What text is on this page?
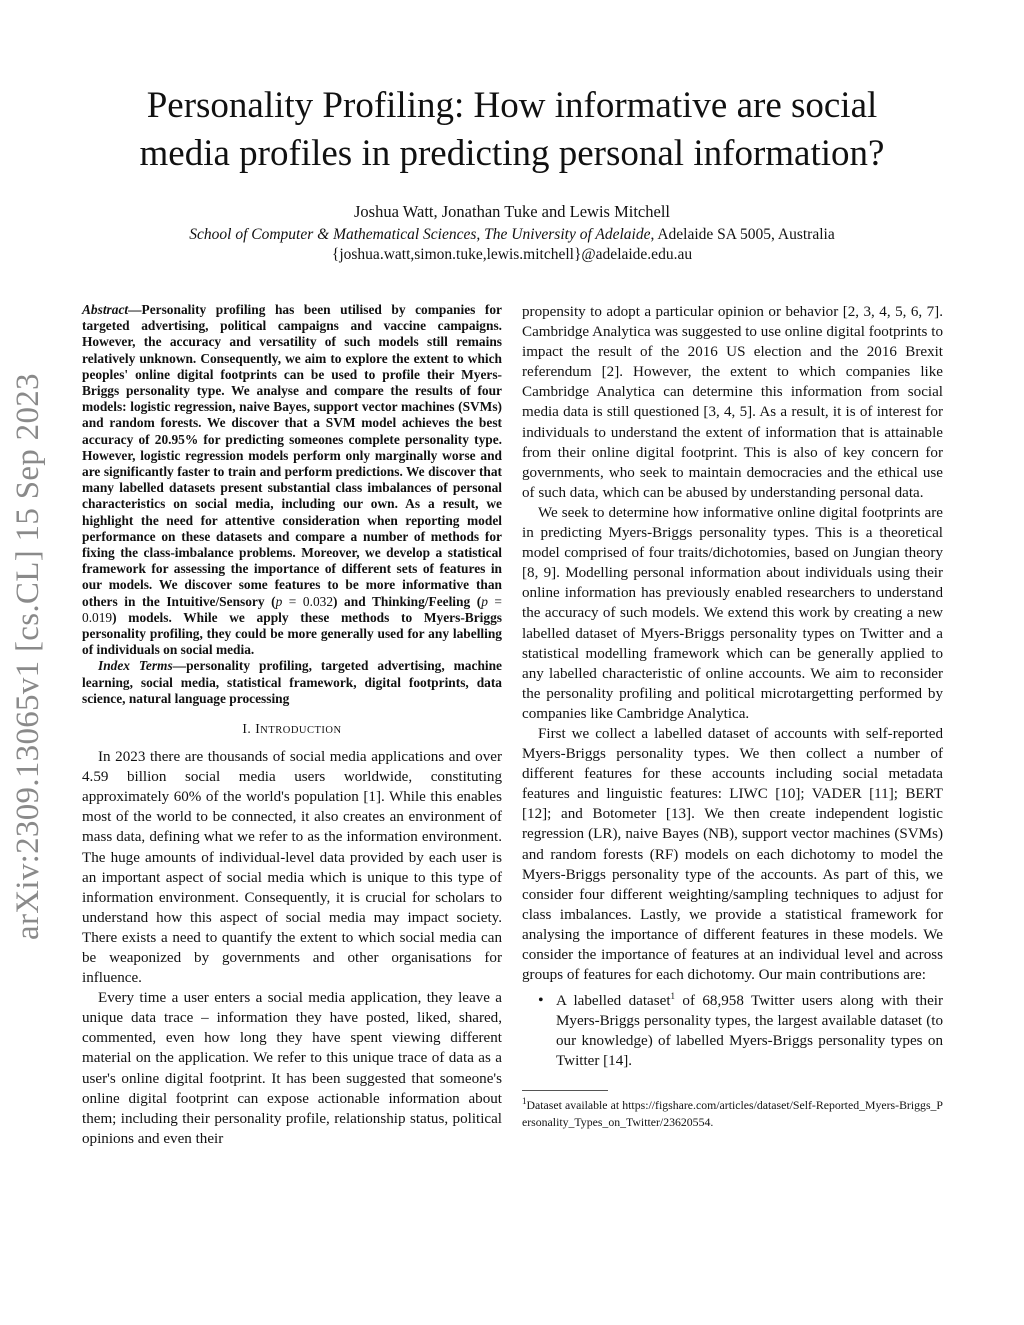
arXiv:2309.13065v1 [cs.CL] 15 Sep 2023
Personality Profiling: How informative are social
media profiles in predicting personal information?
Joshua Watt, Jonathan Tuke and Lewis Mitchell
School of Computer & Mathematical Sciences, The University of Adelaide, Adelaide SA 5005, Australia
{joshua.watt,simon.tuke,lewis.mitchell}@adelaide.edu.au

Abstract—Personality profiling has been utilised by companies for targeted advertising, political campaigns and vaccine campaigns. However, the accuracy and versatility of such models still remains relatively unknown. Consequently, we aim to explore the extent to which peoples' online digital footprints can be used to profile their Myers-Briggs personality type. We analyse and compare the results of four models: logistic regression, naive Bayes, support vector machines (SVMs) and random forests. We discover that a SVM model achieves the best accuracy of 20.95% for predicting someones complete personality type. However, logistic regression models perform only marginally worse and are significantly faster to train and perform predictions. We discover that many labelled datasets present substantial class imbalances of personal characteristics on social media, including our own. As a result, we highlight the need for attentive consideration when reporting model performance on these datasets and compare a number of methods for fixing the class-imbalance problems. Moreover, we develop a statistical framework for assessing the importance of different sets of features in our models. We discover some features to be more informative than others in the Intuitive/Sensory (p = 0.032) and Thinking/Feeling (p = 0.019) models. While we apply these methods to Myers-Briggs personality profiling, they could be more generally used for any labelling of individuals on social media.

Index Terms—personality profiling, targeted advertising, machine learning, social media, statistical framework, digital footprints, data science, natural language processing

I. INTRODUCTION

In 2023 there are thousands of social media applications and over 4.59 billion social media users worldwide, constituting approximately 60% of the world's population [1]. While this enables most of the world to be connected, it also creates an environment of mass data, defining what we refer to as the information environment. The huge amounts of individual-level data provided by each user is an important aspect of social media which is unique to this type of information environment. Consequently, it is crucial for scholars to understand how this aspect of social media may impact society. There exists a need to quantify the extent to which social media can be weaponized by governments and other organisations for influence.

Every time a user enters a social media application, they leave a unique data trace – information they have posted, liked, shared, commented, even how long they have spent viewing different material on the application. We refer to this unique trace of data as a user's online digital footprint. It has been suggested that someone's online digital footprint can expose actionable information about them; including their personality profile, relationship status, political opinions and even their

propensity to adopt a particular opinion or behavior [2, 3, 4, 5, 6, 7]. Cambridge Analytica was suggested to use online digital footprints to impact the result of the 2016 US election and the 2016 Brexit referendum [2]. However, the extent to which companies like Cambridge Analytica can determine this information from social media data is still questioned [3, 4, 5]. As a result, it is of interest for individuals to understand the extent of information that is attainable from their online digital footprint. This is also of key concern for governments, who seek to maintain democracies and the ethical use of such data, which can be abused by understanding personal data.

We seek to determine how informative online digital footprints are in predicting Myers-Briggs personality types. This is a theoretical model comprised of four traits/dichotomies, based on Jungian theory [8, 9]. Modelling personal information about individuals using their online information has previously enabled researchers to understand the accuracy of such models. We extend this work by creating a new labelled dataset of Myers-Briggs personality types on Twitter and a statistical modelling framework which can be generally applied to any labelled characteristic of online accounts. We aim to reconsider the personality profiling and political microtargetting performed by companies like Cambridge Analytica.

First we collect a labelled dataset of accounts with self-reported Myers-Briggs personality types. We then collect a number of different features for these accounts including social metadata features and linguistic features: LIWC [10]; VADER [11]; BERT [12]; and Botometer [13]. We then create independent logistic regression (LR), naive Bayes (NB), support vector machines (SVMs) and random forests (RF) models on each dichotomy to model the Myers-Briggs personality type of the accounts. As part of this, we consider four different weighting/sampling techniques to adjust for class imbalances. Lastly, we provide a statistical framework for analysing the importance of different features in these models. We consider the importance of features at an individual level and across groups of features for each dichotomy. Our main contributions are:

• A labelled dataset$^1$ of 68,958 Twitter users along with their Myers-Briggs personality types, the largest available dataset (to our knowledge) of labelled Myers-Briggs personality types on Twitter [14].

$^1$Dataset available at https://figshare.com/articles/dataset/Self-Reported_Myers-Briggs_Personality_Types_on_Twitter/23620554.
